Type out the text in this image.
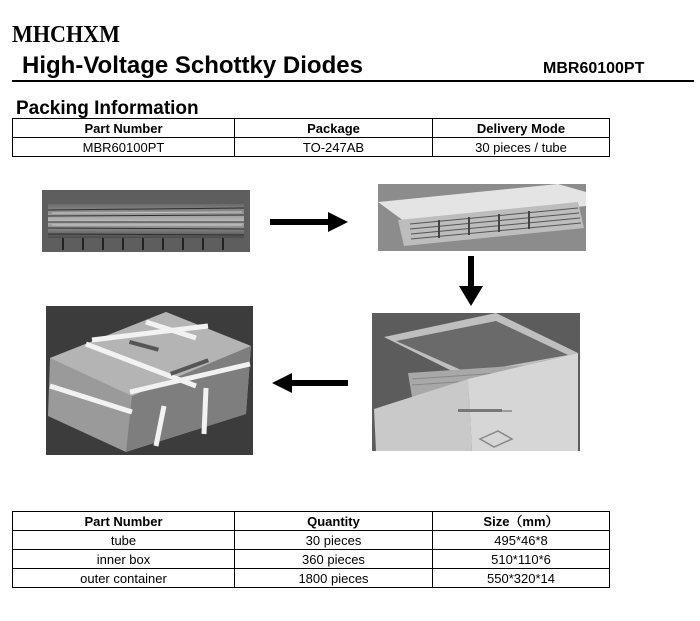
MHCHXM
High-Voltage Schottky Diodes	MBR60100PT
Packing Information
Part Number	Package	Delivery Mode
MBR60100PT	TO-247AB	30 pieces / tube
Part Number	Quantity	Size（mm）
tube	30 pieces	495*46*8
inner box	360 pieces	510*110*6
outer container	1800 pieces	550*320*14
